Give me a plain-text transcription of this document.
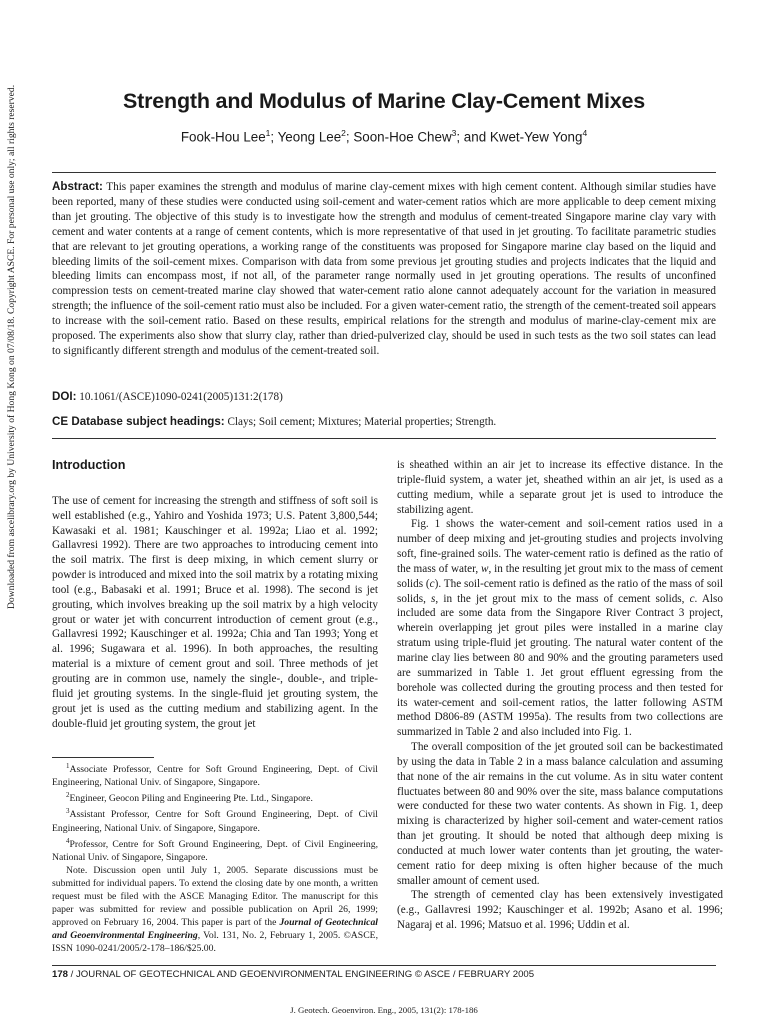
Downloaded from ascelibrary.org by University of Hong Kong on 07/08/18. Copyright ASCE. For personal use only; all rights reserved.	Strength and Modulus of Marine Clay-Cement Mixes
Fook-Hou Lee$^1$; Yeong Lee$^2$; Soon-Hoe Chew$^3$; and Kwet-Yew Yong$^4$
Abstract: This paper examines the strength and modulus of marine clay-cement mixes with high cement content. Although similar studies have been reported, many of these studies were conducted using soil-cement and water-cement ratios which are more applicable to deep cement mixing than jet grouting. The objective of this study is to investigate how the strength and modulus of cement-treated Singapore marine clay vary with cement and water contents at a range of cement contents, which is more representative of that used in jet grouting. To facilitate parametric studies that are relevant to jet grouting operations, a working range of the constituents was proposed for Singapore marine clay based on the liquid and bleeding limits of the soil-cement mixes. Comparison with data from some previous jet grouting studies and projects indicates that the liquid and bleeding limits can encompass most, if not all, of the parameter range normally used in jet grouting operations. The results of unconfined compression tests on cement-treated marine clay showed that water-cement ratio alone cannot adequately account for the variation in measured strength; the influence of the soil-cement ratio must also be included. For a given water-cement ratio, the strength of the cement-treated soil appears to increase with the soil-cement ratio. Based on these results, empirical relations for the strength and modulus of marine-clay-cement mix are proposed. The experiments also show that slurry clay, rather than dried-pulverized clay, should be used in such tests as the two soil states can lead to significantly different strength and modulus of the cement-treated soil.
DOI: 10.1061/(ASCE)1090-0241(2005)131:2(178)
CE Database subject headings: Clays; Soil cement; Mixtures; Material properties; Strength.
Introduction

The use of cement for increasing the strength and stiffness of soft soil is well established (e.g., Yahiro and Yoshida 1973; U.S. Patent 3,800,544; Kawasaki et al. 1981; Kauschinger et al. 1992a; Liao et al. 1992; Gallavresi 1992). There are two approaches to introducing cement into the soil matrix. The first is deep mixing, in which cement slurry or powder is introduced and mixed into the soil matrix by a rotating mixing tool (e.g., Babasaki et al. 1991; Bruce et al. 1998). The second is jet grouting, which involves breaking up the soil matrix by a high velocity grout or water jet with concurrent introduction of cement grout (e.g., Gallavresi 1992; Kauschinger et al. 1992a; Chia and Tan 1993; Yong et al. 1996; Sugawara et al. 1996). In both approaches, the resulting material is a mixture of cement grout and soil. Three methods of jet grouting are in common use, namely the single-, double-, and triple-fluid jet grouting systems. In the single-fluid jet grouting system, the grout jet is used as the cutting medium and stabilizing agent. In the double-fluid jet grouting system, the grout jet

$^1$Associate Professor, Centre for Soft Ground Engineering, Dept. of Civil Engineering, National Univ. of Singapore, Singapore.

$^2$Engineer, Geocon Piling and Engineering Pte. Ltd., Singapore.

$^3$Assistant Professor, Centre for Soft Ground Engineering, Dept. of Civil Engineering, National Univ. of Singapore, Singapore.

$^4$Professor, Centre for Soft Ground Engineering, Dept. of Civil Engineering, National Univ. of Singapore, Singapore.

Note. Discussion open until July 1, 2005. Separate discussions must be submitted for individual papers. To extend the closing date by one month, a written request must be filed with the ASCE Managing Editor. The manuscript for this paper was submitted for review and possible publication on April 26, 1999; approved on February 16, 2004. This paper is part of the Journal of Geotechnical and Geoenvironmental Engineering, Vol. 131, No. 2, February 1, 2005. ©ASCE, ISSN 1090-0241/2005/2-178–186/$25.00.

is sheathed within an air jet to increase its effective distance. In the triple-fluid system, a water jet, sheathed within an air jet, is used as a cutting medium, while a separate grout jet is used to introduce the stabilizing agent.

Fig. 1 shows the water-cement and soil-cement ratios used in a number of deep mixing and jet-grouting studies and projects involving soft, fine-grained soils. The water-cement ratio is defined as the ratio of the mass of water, w, in the resulting jet grout mix to the mass of cement solids (c). The soil-cement ratio is defined as the ratio of the mass of soil solids, s, in the jet grout mix to the mass of cement solids, c. Also included are some data from the Singapore River Contract 3 project, wherein overlapping jet grout piles were installed in a marine clay stratum using triple-fluid jet grouting. The natural water content of the marine clay lies between 80 and 90% and the grouting parameters used are summarized in Table 1. Jet grout effluent egressing from the borehole was collected during the grouting process and then tested for its water-cement and soil-cement ratios, the latter following ASTM method D806-89 (ASTM 1995a). The results from two collections are summarized in Table 2 and also included into Fig. 1.

The overall composition of the jet grouted soil can be backestimated by using the data in Table 2 in a mass balance calculation and assuming that none of the air remains in the cut volume. As in situ water content fluctuates between 80 and 90% over the site, mass balance computations were conducted for these two water contents. As shown in Fig. 1, deep mixing is characterized by higher soil-cement and water-cement ratios than jet grouting. It should be noted that although deep mixing is conducted at much lower water contents than jet grouting, the water-cement ratio for deep mixing is often higher because of the much smaller amount of cement used.

The strength of cemented clay has been extensively investigated (e.g., Gallavresi 1992; Kauschinger et al. 1992b; Asano et al. 1996; Nagaraj et al. 1996; Matsuo et al. 1996; Uddin et al.

178 / JOURNAL OF GEOTECHNICAL AND GEOENVIRONMENTAL ENGINEERING © ASCE / FEBRUARY 2005
J. Geotech. Geoenviron. Eng., 2005, 131(2): 178-186
